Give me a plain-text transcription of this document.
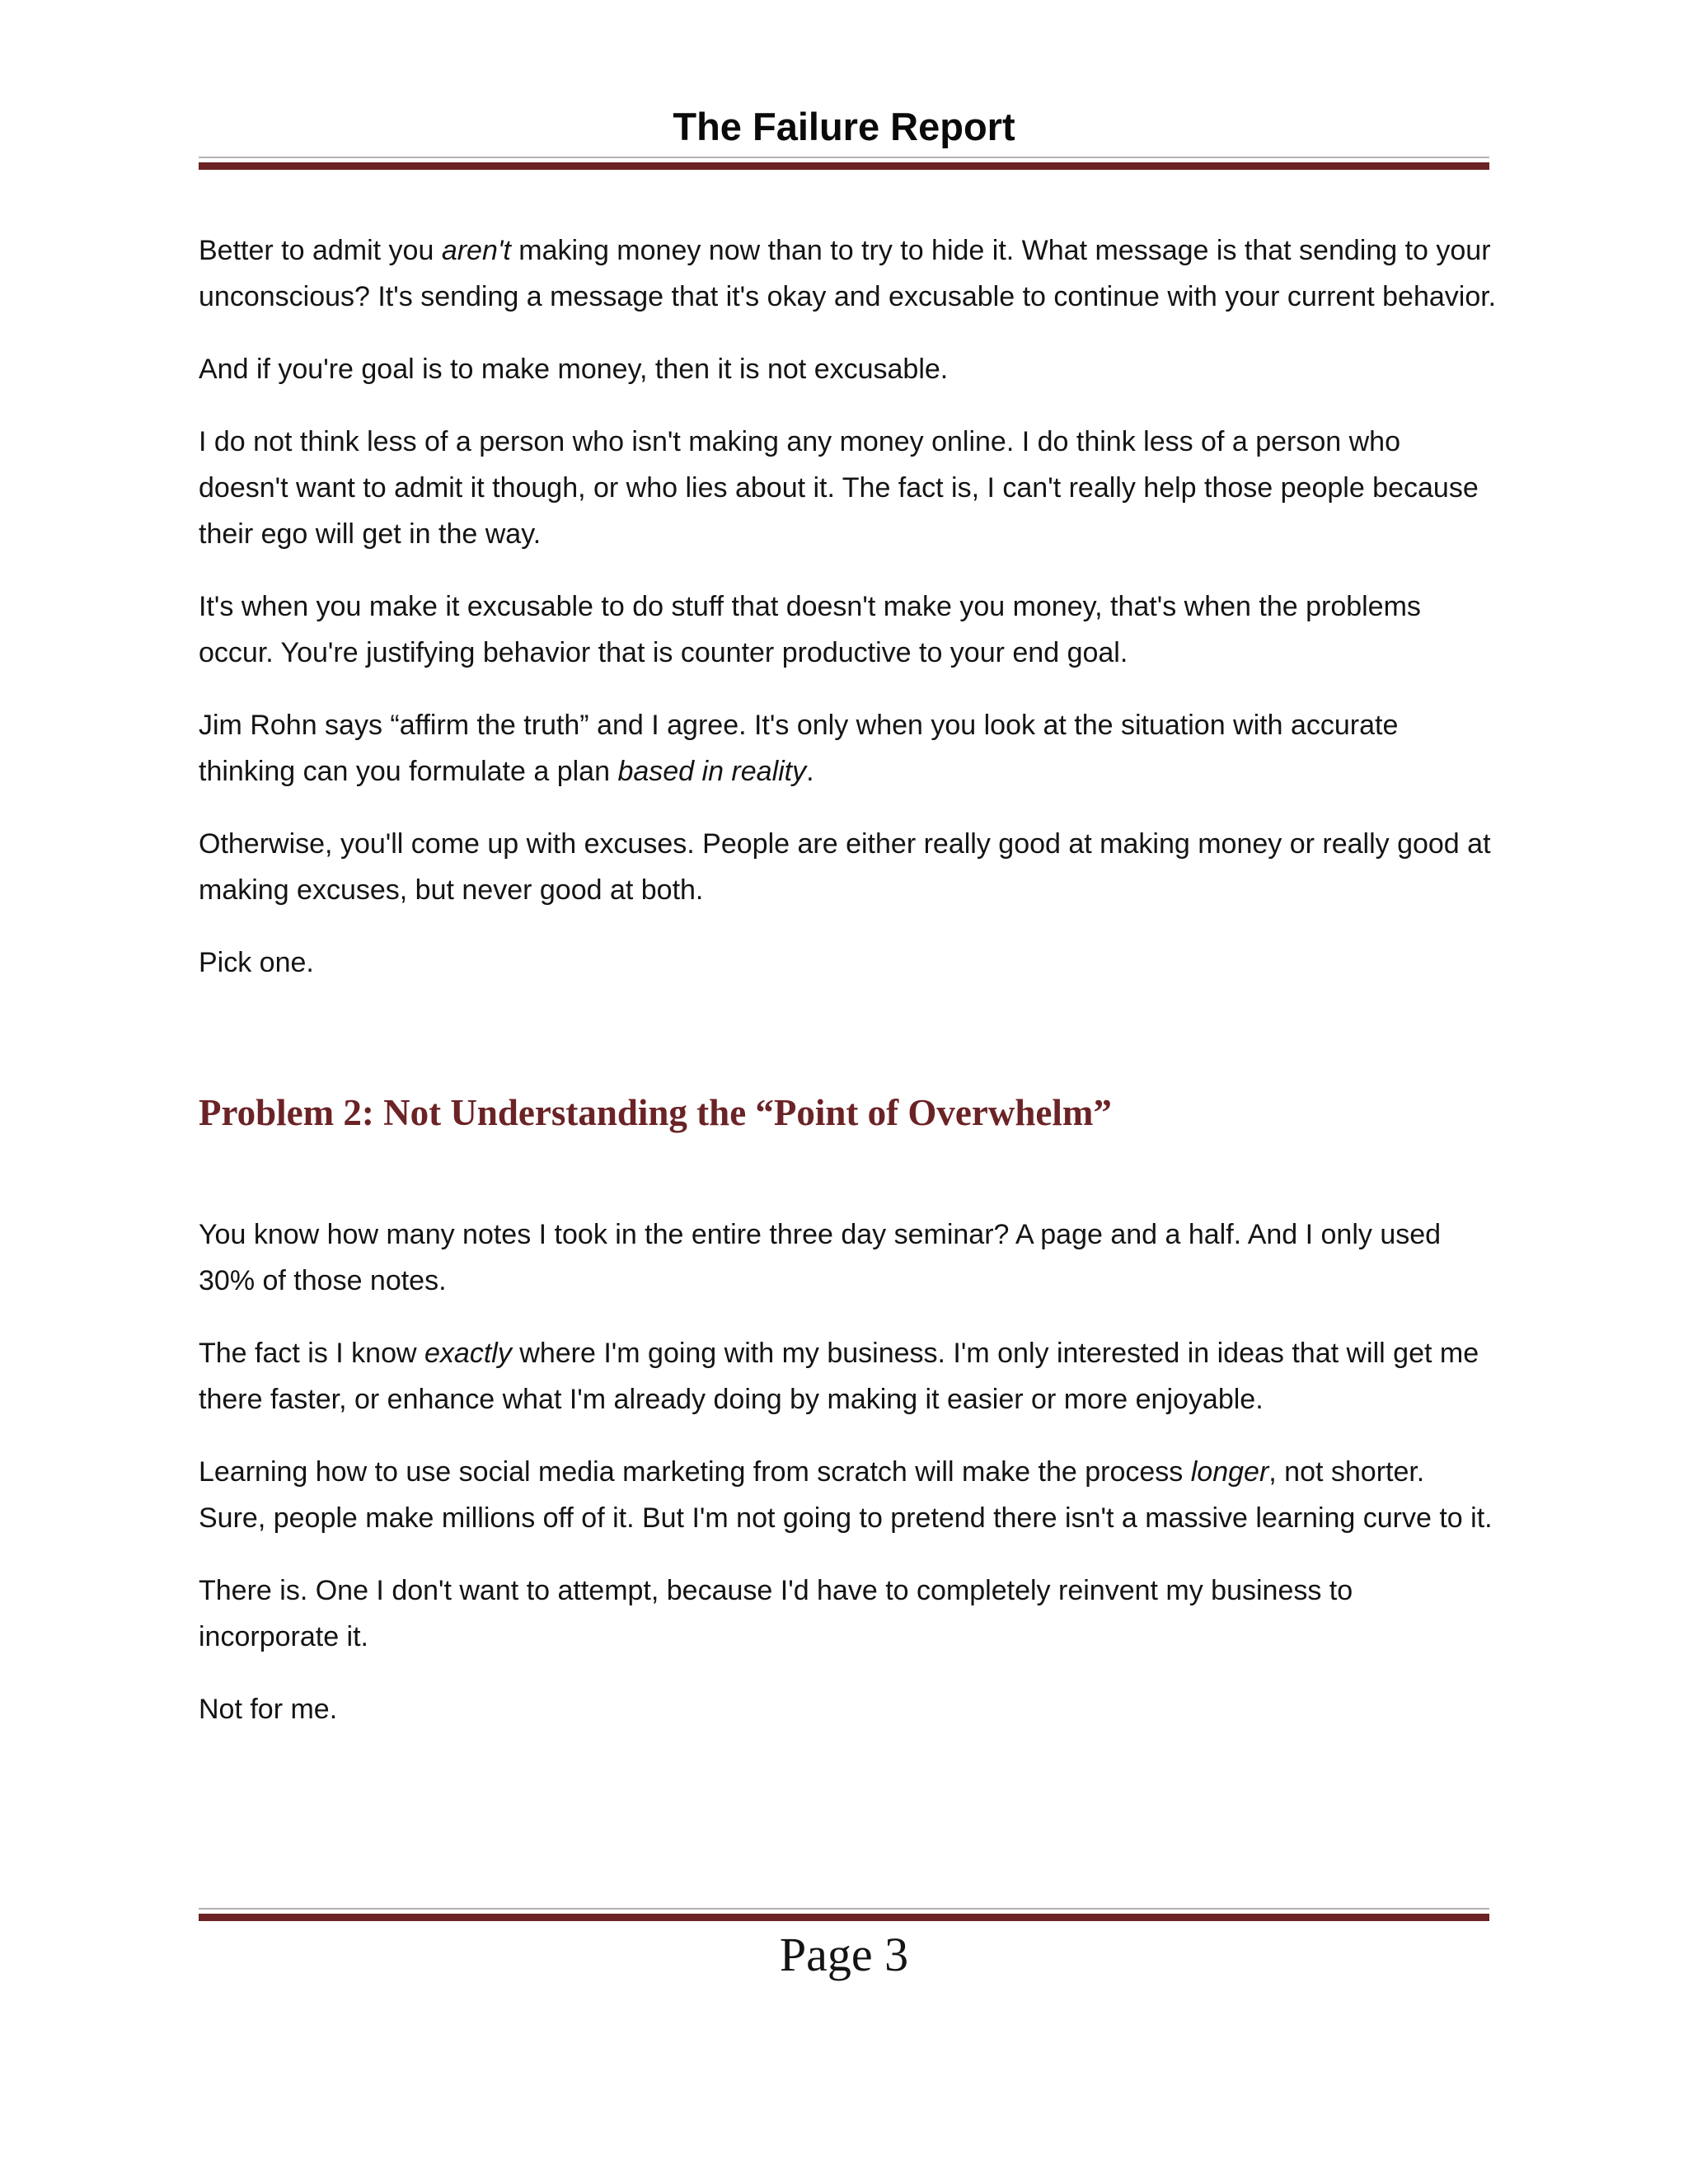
The Failure Report

Better to admit you aren't making money now than to try to hide it. What message is that sending to your unconscious? It's sending a message that it's okay and excusable to continue with your current behavior.

And if you're goal is to make money, then it is not excusable.

I do not think less of a person who isn't making any money online. I do think less of a person who doesn't want to admit it though, or who lies about it. The fact is, I can't really help those people because their ego will get in the way.

It's when you make it excusable to do stuff that doesn't make you money, that's when the problems occur. You're justifying behavior that is counter productive to your end goal.

Jim Rohn says “affirm the truth” and I agree. It's only when you look at the situation with accurate thinking can you formulate a plan based in reality.

Otherwise, you'll come up with excuses. People are either really good at making money or really good at making excuses, but never good at both.

Pick one.

Problem 2: Not Understanding the “Point of Overwhelm”

You know how many notes I took in the entire three day seminar? A page and a half. And I only used 30% of those notes.

The fact is I know exactly where I'm going with my business. I'm only interested in ideas that will get me there faster, or enhance what I'm already doing by making it easier or more enjoyable.

Learning how to use social media marketing from scratch will make the process longer, not shorter. Sure, people make millions off of it. But I'm not going to pretend there isn't a massive learning curve to it.

There is. One I don't want to attempt, because I'd have to completely reinvent my business to incorporate it.

Not for me.

Page 3
